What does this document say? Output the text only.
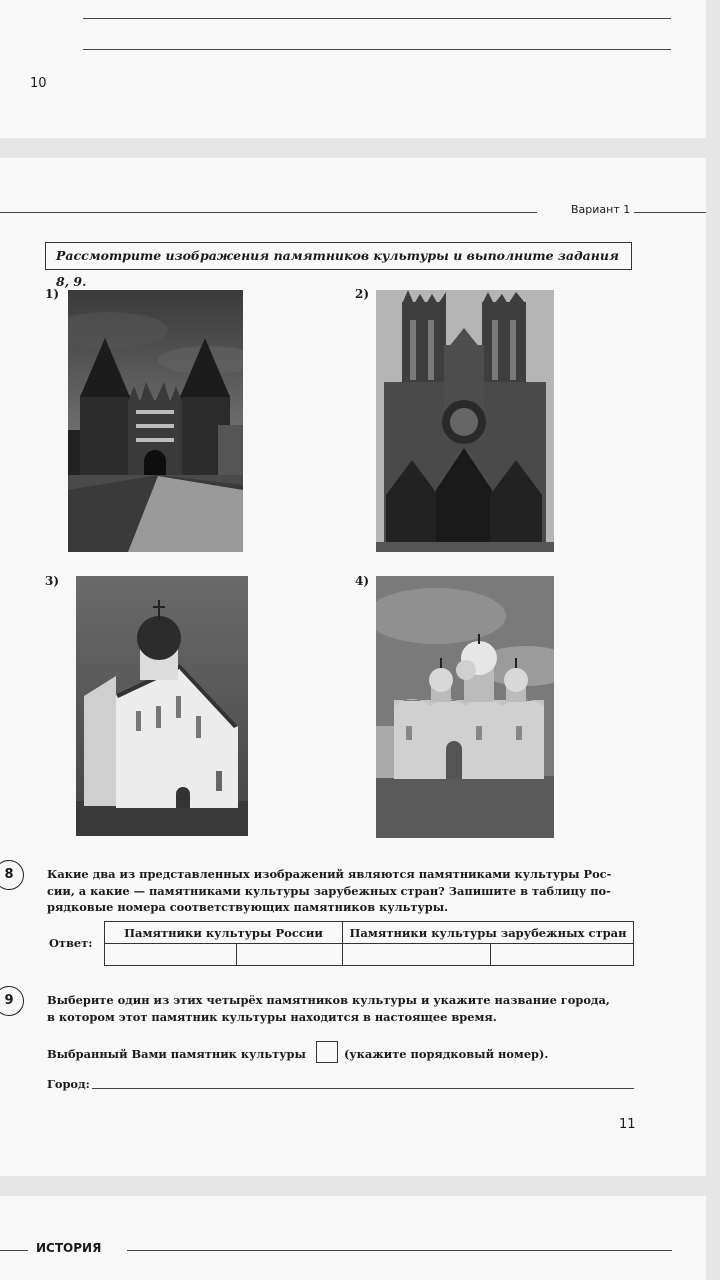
10
Вариант 1
Рассмотрите изображения памятников культуры и выполните задания 8, 9.
1)	2)
3)	4)
8	Какие два из представленных изображений являются памятниками культуры Рос-
сии, а какие — памятниками культуры зарубежных стран? Запишите в таблицу по-
рядковые номера соответствующих памятников культуры.
Ответ:
Памятники культуры России		Памятники культуры зарубежных стран	

9	Выберите один из этих четырёх памятников культуры и укажите название города,
в котором этот памятник культуры находится в настоящее время.
Выбранный Вами памятник культуры	(укажите порядковый номер).
Город:
11
ИСТОРИЯ
